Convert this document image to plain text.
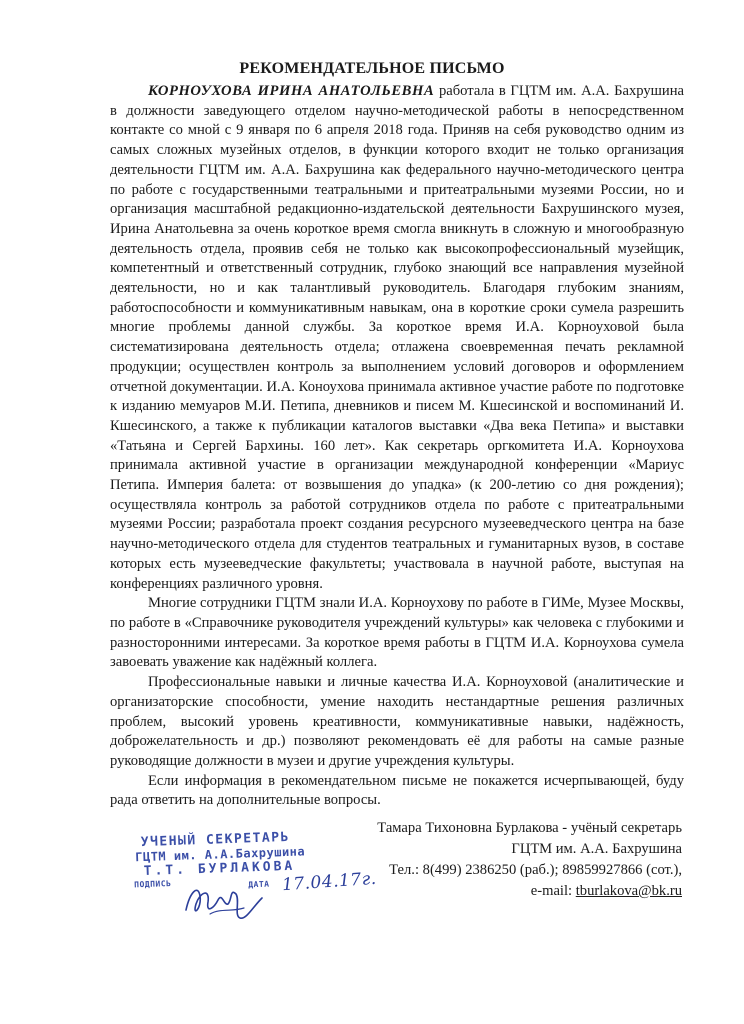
РЕКОМЕНДАТЕЛЬНОЕ ПИСЬМО

КОРНОУХОВА ИРИНА АНАТОЛЬЕВНА работала в ГЦТМ им. А.А. Бахрушина в должности заведующего отделом научно-методической работы в непосредственном контакте со мной с 9 января по 6 апреля 2018 года. Приняв на себя руководство одним из самых сложных музейных отделов, в функции которого входит не только организация деятельности ГЦТМ им. А.А. Бахрушина как федерального научно-методического центра по работе с государственными театральными и притеатральными музеями России, но и организация масштабной редакционно-издательской деятельности Бахрушинского музея, Ирина Анатольевна за очень короткое время смогла вникнуть в сложную и многообразную деятельность отдела, проявив себя не только как высокопрофессиональный музейщик, компетентный и ответственный сотрудник, глубоко знающий все направления музейной деятельности, но и как талантливый руководитель. Благодаря глубоким знаниям, работоспособности и коммуникативным навыкам, она в короткие сроки сумела разрешить многие проблемы данной службы. За короткое время И.А. Корноуховой была систематизирована деятельность отдела; отлажена своевременная печать рекламной продукции; осуществлен контроль за выполнением условий договоров и оформлением отчетной документации. И.А. Коноухова принимала активное участие работе по подготовке к изданию мемуаров М.И. Петипа, дневников и писем М. Кшесинской и воспоминаний И. Кшесинского, а также к публикации каталогов выставки «Два века Петипа» и выставки «Татьяна и Сергей Бархины. 160 лет». Как секретарь оргкомитета И.А. Корноухова принимала активной участие в организации международной конференции «Мариус Петипа. Империя балета: от возвышения до упадка» (к 200-летию со дня рождения); осуществляла контроль за работой сотрудников отдела по работе с притеатральными музеями России; разработала проект создания ресурсного музееведческого центра на базе научно-методического отдела для студентов театральных и гуманитарных вузов, в составе которых есть музееведческие факультеты; участвовала в научной работе, выступая на конференциях различного уровня.

Многие сотрудники ГЦТМ знали И.А. Корноухову по работе в ГИМе, Музее Москвы, по работе в «Справочнике руководителя учреждений культуры» как человека с глубокими и разносторонними интересами. За короткое время работы в ГЦТМ И.А. Корноухова сумела завоевать уважение как надёжный коллега.

Профессиональные навыки и личные качества И.А. Корноуховой (аналитические и организаторские способности, умение находить нестандартные решения различных проблем, высокий уровень креативности, коммуникативные навыки, надёжность, доброжелательность и др.) позволяют рекомендовать её для работы на самые разные руководящие должности в музеи и другие учреждения культуры.

Если информация в рекомендательном письме не покажется исчерпывающей, буду рада ответить на дополнительные вопросы.

Тамара Тихоновна Бурлакова - учёный секретарь
ГЦТМ им. А.А. Бахрушина
Тел.: 8(499) 2386250 (раб.); 89859927866 (сот.),
e-mail: tburlakova@bk.ru
УЧЕНЫЙ СЕКРЕТАРЬ
ГЦТМ им. А.А.Бахрушина
Т.Т. БУРЛАКОВА
ПОДПИСЬ	ДАТА 17.04.17г.
